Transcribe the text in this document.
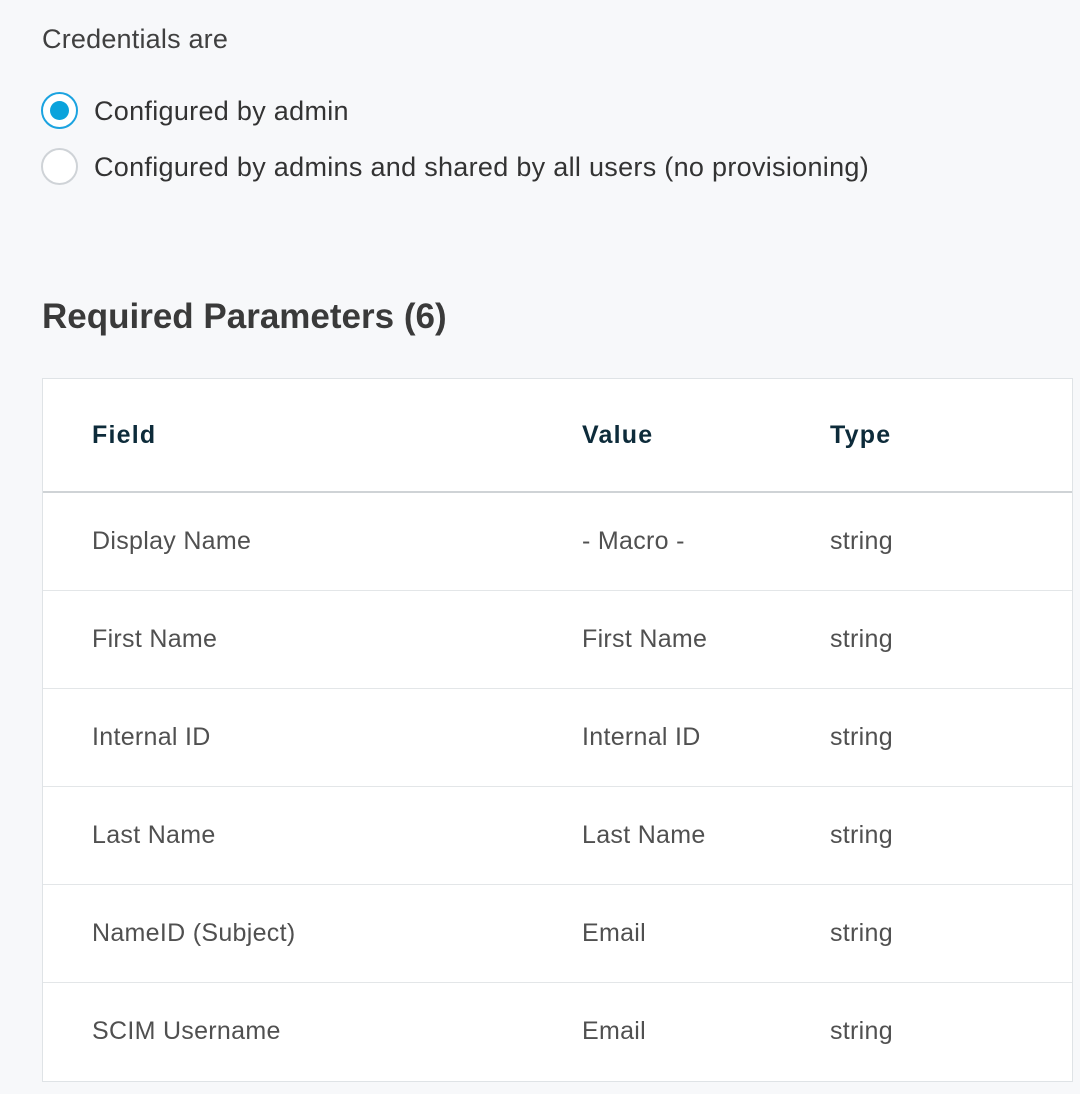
Credentials are
Configured by admin
Configured by admins and shared by all users (no provisioning)
Required Parameters (6)
Field	Value	Type
Display Name	- Macro -	string
First Name	First Name	string
Internal ID	Internal ID	string
Last Name	Last Name	string
NameID (Subject)	Email	string
SCIM Username	Email	string
